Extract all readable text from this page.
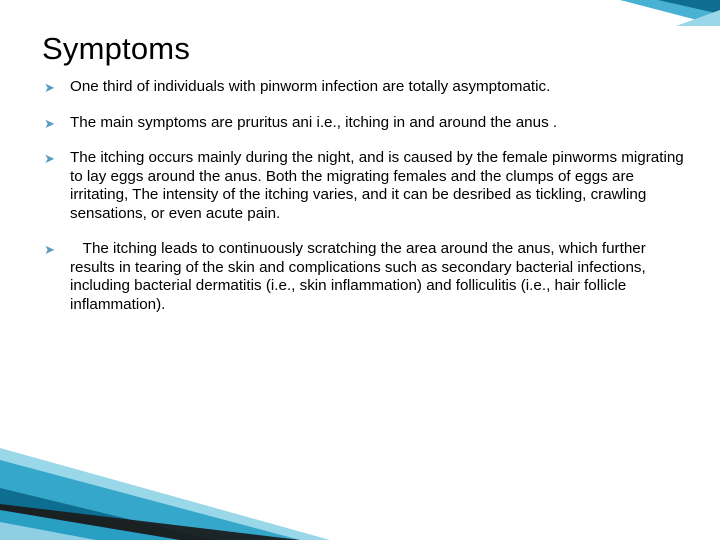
Symptoms
➤ One third of individuals with pinworm infection are totally asymptomatic.
➤ The main symptoms are pruritus ani i.e., itching in and around the anus .
➤ The itching occurs mainly during the night, and is caused by the female pinworms migrating to lay eggs around the anus. Both the migrating females and the clumps of eggs are irritating, The intensity of the itching varies, and it can be desribed as tickling, crawling sensations, or even acute pain.
➤ The itching leads to continuously scratching the area around the anus, which further results in tearing of the skin and complications such as secondary bacterial infections, including bacterial dermatitis (i.e., skin inflammation) and folliculitis (i.e., hair follicle inflammation).
